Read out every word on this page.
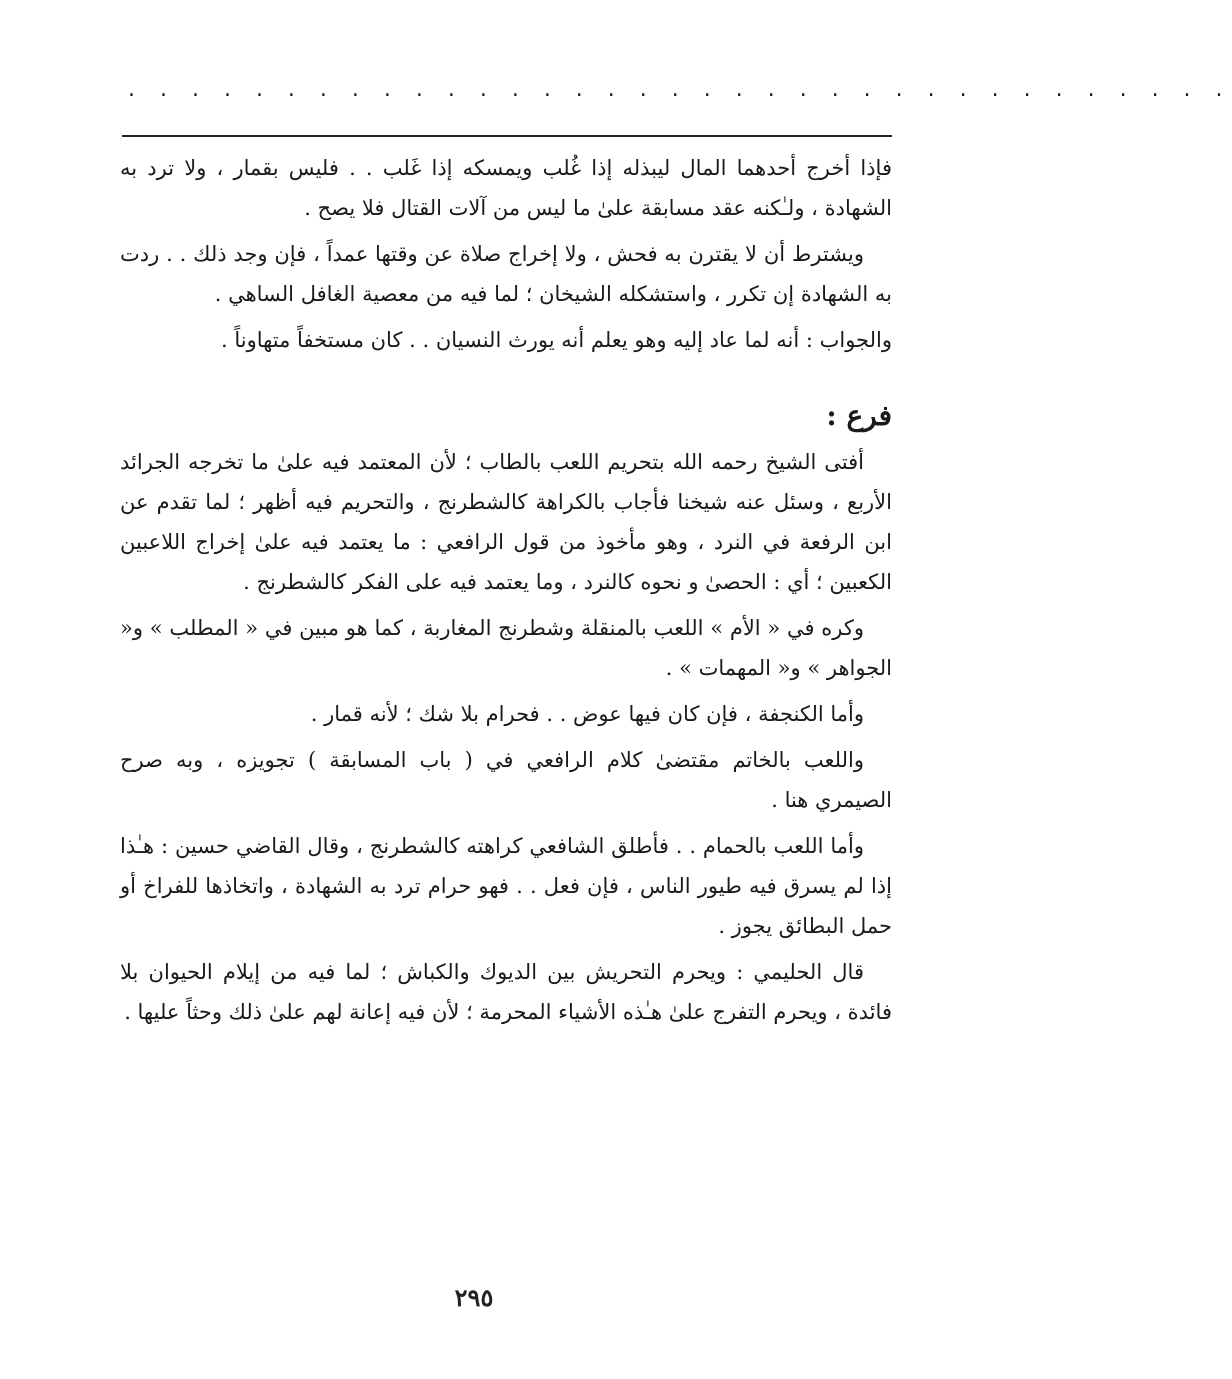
. . . . . . . . . . . . . . . . . . . . . . . . . . . . . . . . . . .

فإذا أخرج أحدهما المال ليبذله إذا غُلب ويمسكه إذا غَلب . . فليس بقمار ، ولا ترد به الشهادة ، ولـٰكنه عقد مسابقة علىٰ ما ليس من آلات القتال فلا يصح .

ويشترط أن لا يقترن به فحش ، ولا إخراج صلاة عن وقتها عمداً ، فإن وجد ذلك . . ردت به الشهادة إن تكرر ، واستشكله الشيخان ؛ لما فيه من معصية الغافل الساهي .

والجواب : أنه لما عاد إليه وهو يعلم أنه يورث النسيان . . كان مستخفاً متهاوناً .

فرع :

أفتى الشيخ رحمه الله بتحريم اللعب بالطاب ؛ لأن المعتمد فيه علىٰ ما تخرجه الجرائد الأربع ، وسئل عنه شيخنا فأجاب بالكراهة كالشطرنج ، والتحريم فيه أظهر ؛ لما تقدم عن ابن الرفعة في النرد ، وهو مأخوذ من قول الرافعي : ما يعتمد فيه علىٰ إخراج اللاعبين الكعبين ؛ أي : الحصىٰ و نحوه كالنرد ، وما يعتمد فيه على الفكر كالشطرنج .

وكره في « الأم » اللعب بالمنقلة وشطرنج المغاربة ، كما هو مبين في « المطلب » و« الجواهر » و« المهمات » .

وأما الكنجفة ، فإن كان فيها عوض . . فحرام بلا شك ؛ لأنه قمار .

واللعب بالخاتم مقتضىٰ كلام الرافعي في ( باب المسابقة ) تجويزه ، وبه صرح الصيمري هنا .

وأما اللعب بالحمام . . فأطلق الشافعي كراهته كالشطرنج ، وقال القاضي حسين : هـٰذا إذا لم يسرق فيه طيور الناس ، فإن فعل . . فهو حرام ترد به الشهادة ، واتخاذها للفراخ أو حمل البطائق يجوز .

قال الحليمي : ويحرم التحريش بين الديوك والكباش ؛ لما فيه من إيلام الحيوان بلا فائدة ، ويحرم التفرج علىٰ هـٰذه الأشياء المحرمة ؛ لأن فيه إعانة لهم علىٰ ذلك وحثاً عليها .

٢٩٥
